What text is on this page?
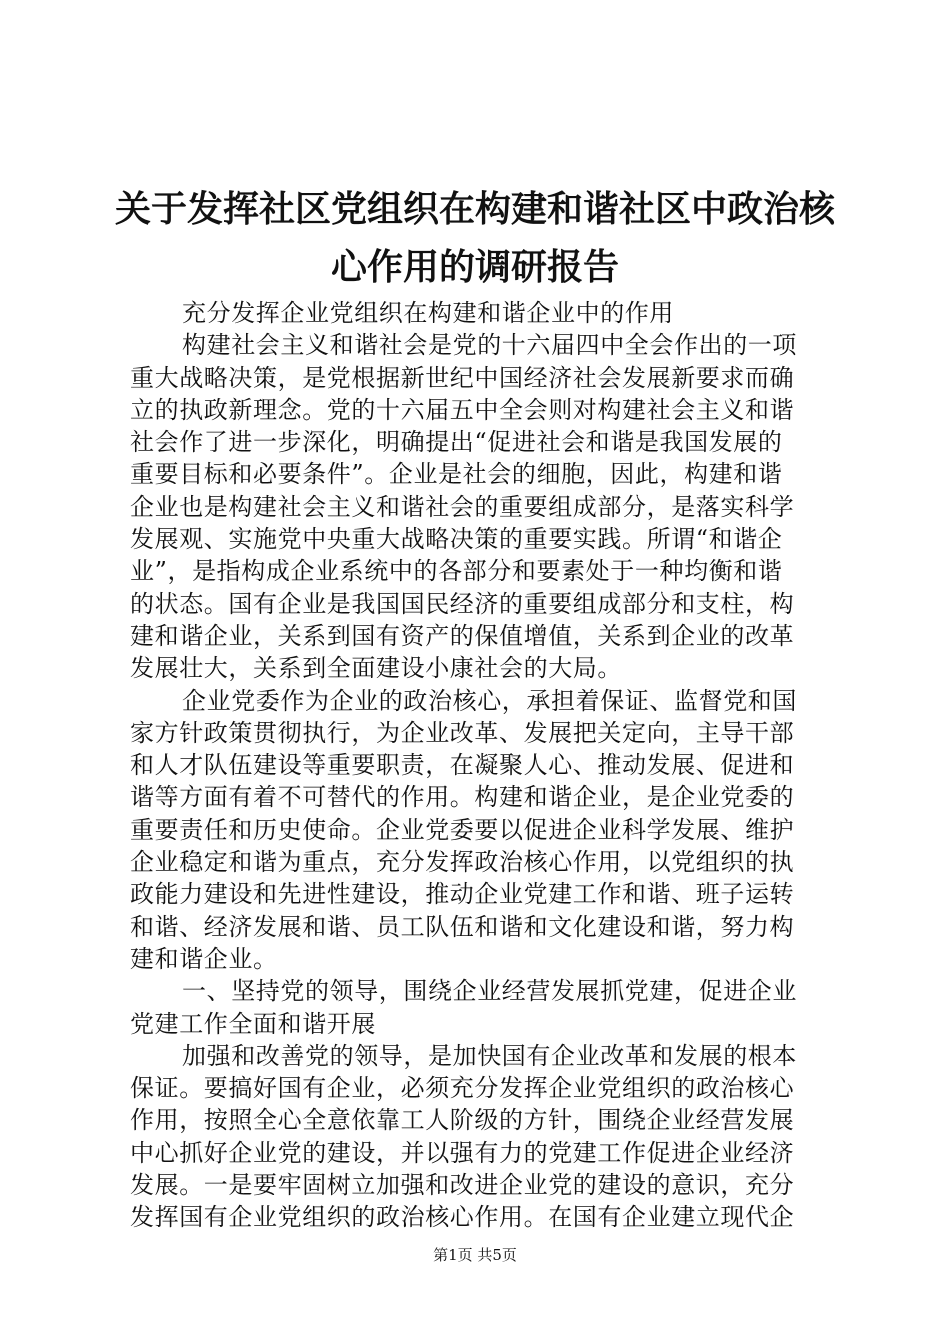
关于发挥社区党组织在构建和谐社区中政治核
心作用的调研报告
充分发挥企业党组织在构建和谐企业中的作用
构建社会主义和谐社会是党的十六届四中全会作出的一项
重大战略决策，是党根据新世纪中国经济社会发展新要求而确
立的执政新理念。党的十六届五中全会则对构建社会主义和谐
社会作了进一步深化，明确提出“促进社会和谐是我国发展的
重要目标和必要条件”。企业是社会的细胞，因此，构建和谐
企业也是构建社会主义和谐社会的重要组成部分，是落实科学
发展观、实施党中央重大战略决策的重要实践。所谓“和谐企
业”，是指构成企业系统中的各部分和要素处于一种均衡和谐
的状态。国有企业是我国国民经济的重要组成部分和支柱，构
建和谐企业，关系到国有资产的保值增值，关系到企业的改革
发展壮大，关系到全面建设小康社会的大局。
企业党委作为企业的政治核心，承担着保证、监督党和国
家方针政策贯彻执行，为企业改革、发展把关定向，主导干部
和人才队伍建设等重要职责，在凝聚人心、推动发展、促进和
谐等方面有着不可替代的作用。构建和谐企业，是企业党委的
重要责任和历史使命。企业党委要以促进企业科学发展、维护
企业稳定和谐为重点，充分发挥政治核心作用，以党组织的执
政能力建设和先进性建设，推动企业党建工作和谐、班子运转
和谐、经济发展和谐、员工队伍和谐和文化建设和谐，努力构
建和谐企业。
一、坚持党的领导，围绕企业经营发展抓党建，促进企业
党建工作全面和谐开展
加强和改善党的领导，是加快国有企业改革和发展的根本
保证。要搞好国有企业，必须充分发挥企业党组织的政治核心
作用，按照全心全意依靠工人阶级的方针，围绕企业经营发展
中心抓好企业党的建设，并以强有力的党建工作促进企业经济
发展。一是要牢固树立加强和改进企业党的建设的意识，充分
发挥国有企业党组织的政治核心作用。在国有企业建立现代企
第1页 共5页
